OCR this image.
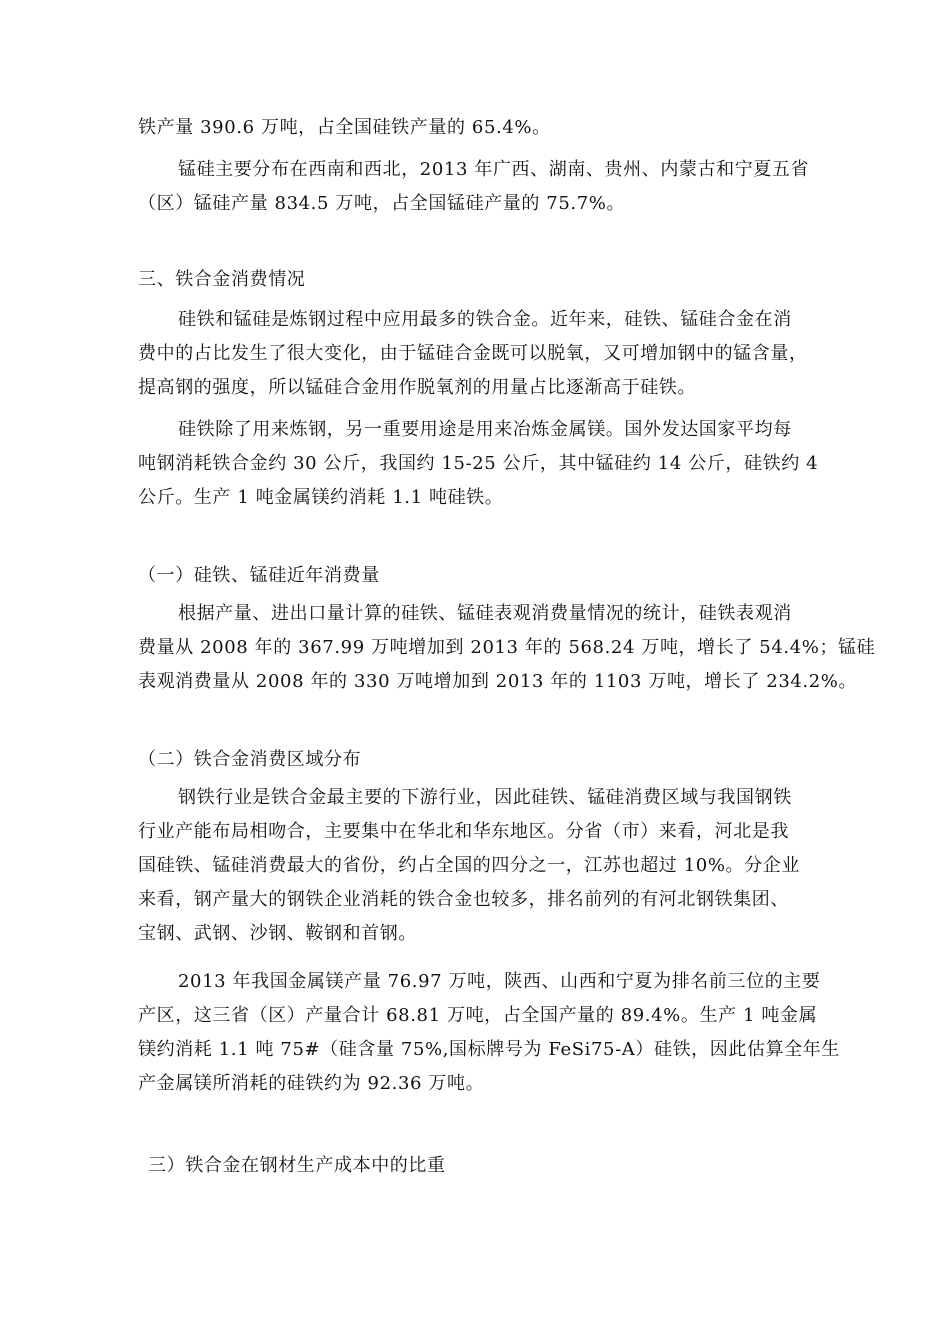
铁产量 390.6 万吨，占全国硅铁产量的 65.4%。
锰硅主要分布在西南和西北，2013 年广西、湖南、贵州、内蒙古和宁夏五省
（区）锰硅产量 834.5 万吨，占全国锰硅产量的 75.7%。
三、铁合金消费情况
硅铁和锰硅是炼钢过程中应用最多的铁合金。近年来，硅铁、锰硅合金在消
费中的占比发生了很大变化，由于锰硅合金既可以脱氧，又可增加钢中的锰含量，
提高钢的强度，所以锰硅合金用作脱氧剂的用量占比逐渐高于硅铁。
硅铁除了用来炼钢，另一重要用途是用来冶炼金属镁。国外发达国家平均每
吨钢消耗铁合金约 30 公斤，我国约 15-25 公斤，其中锰硅约 14 公斤，硅铁约 4
公斤。生产 1 吨金属镁约消耗 1.1 吨硅铁。
（一）硅铁、锰硅近年消费量
根据产量、进出口量计算的硅铁、锰硅表观消费量情况的统计，硅铁表观消
费量从 2008 年的 367.99 万吨增加到 2013 年的 568.24 万吨，增长了 54.4%；锰硅
表观消费量从 2008 年的 330 万吨增加到 2013 年的 1103 万吨，增长了 234.2%。
（二）铁合金消费区域分布
钢铁行业是铁合金最主要的下游行业，因此硅铁、锰硅消费区域与我国钢铁
行业产能布局相吻合，主要集中在华北和华东地区。分省（市）来看，河北是我
国硅铁、锰硅消费最大的省份，约占全国的四分之一，江苏也超过 10%。分企业
来看，钢产量大的钢铁企业消耗的铁合金也较多，排名前列的有河北钢铁集团、
宝钢、武钢、沙钢、鞍钢和首钢。
2013 年我国金属镁产量 76.97 万吨，陕西、山西和宁夏为排名前三位的主要
产区，这三省（区）产量合计 68.81 万吨，占全国产量的 89.4%。生产 1 吨金属
镁约消耗 1.1 吨 75#（硅含量 75%,国标牌号为 FeSi75-A）硅铁，因此估算全年生
产金属镁所消耗的硅铁约为 92.36 万吨。
三）铁合金在钢材生产成本中的比重
